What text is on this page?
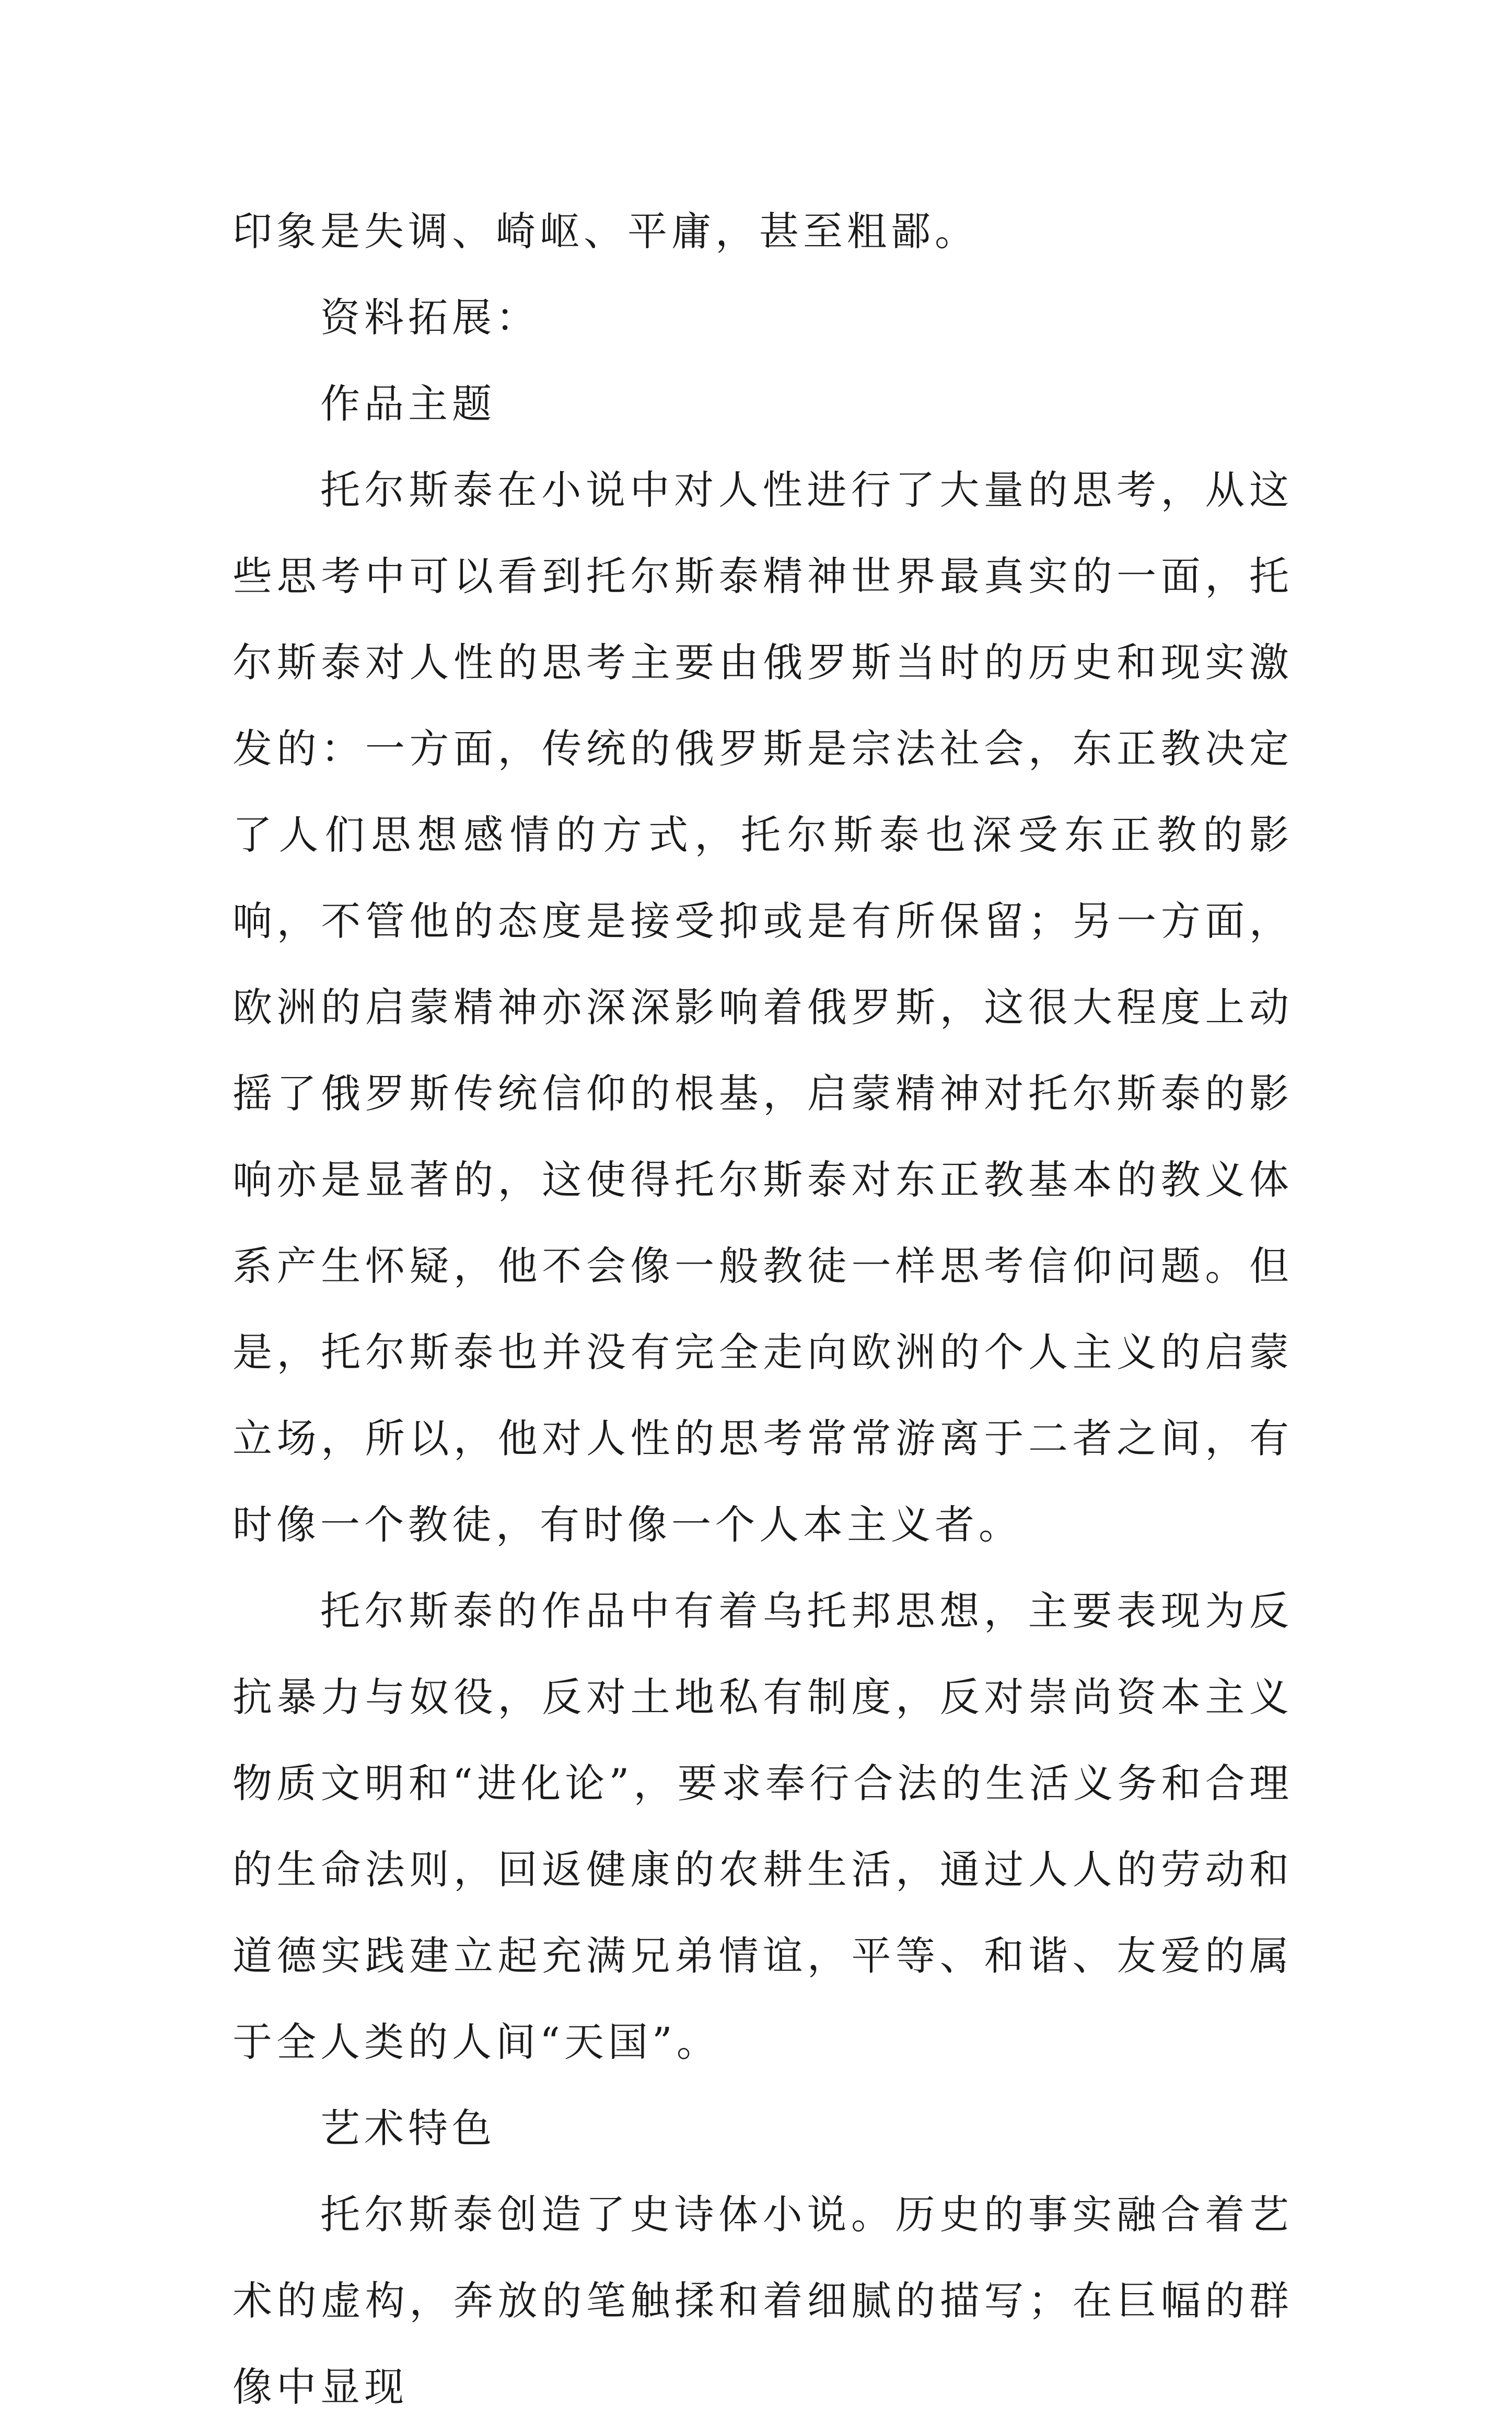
印象是失调、崎岖、平庸，甚至粗鄙。

资料拓展：

作品主题

托尔斯泰在小说中对人性进行了大量的思考，从这些思考中可以看到托尔斯泰精神世界最真实的一面，托尔斯泰对人性的思考主要由俄罗斯当时的历史和现实激发的：一方面，传统的俄罗斯是宗法社会，东正教决定了人们思想感情的方式，托尔斯泰也深受东正教的影响，不管他的态度是接受抑或是有所保留；另一方面，欧洲的启蒙精神亦深深影响着俄罗斯，这很大程度上动摇了俄罗斯传统信仰的根基，启蒙精神对托尔斯泰的影响亦是显著的，这使得托尔斯泰对东正教基本的教义体系产生怀疑，他不会像一般教徒一样思考信仰问题。但是，托尔斯泰也并没有完全走向欧洲的个人主义的启蒙立场，所以，他对人性的思考常常游离于二者之间，有时像一个教徒，有时像一个人本主义者。

托尔斯泰的作品中有着乌托邦思想，主要表现为反抗暴力与奴役，反对土地私有制度，反对崇尚资本主义物质文明和“进化论”，要求奉行合法的生活义务和合理的生命法则，回返健康的农耕生活，通过人人的劳动和道德实践建立起充满兄弟情谊，平等、和谐、友爱的属于全人类的人间“天国”。

艺术特色

托尔斯泰创造了史诗体小说。历史的事实融合着艺术的虚构，奔放的笔触揉和着细腻的描写；在巨幅的群像中显现
